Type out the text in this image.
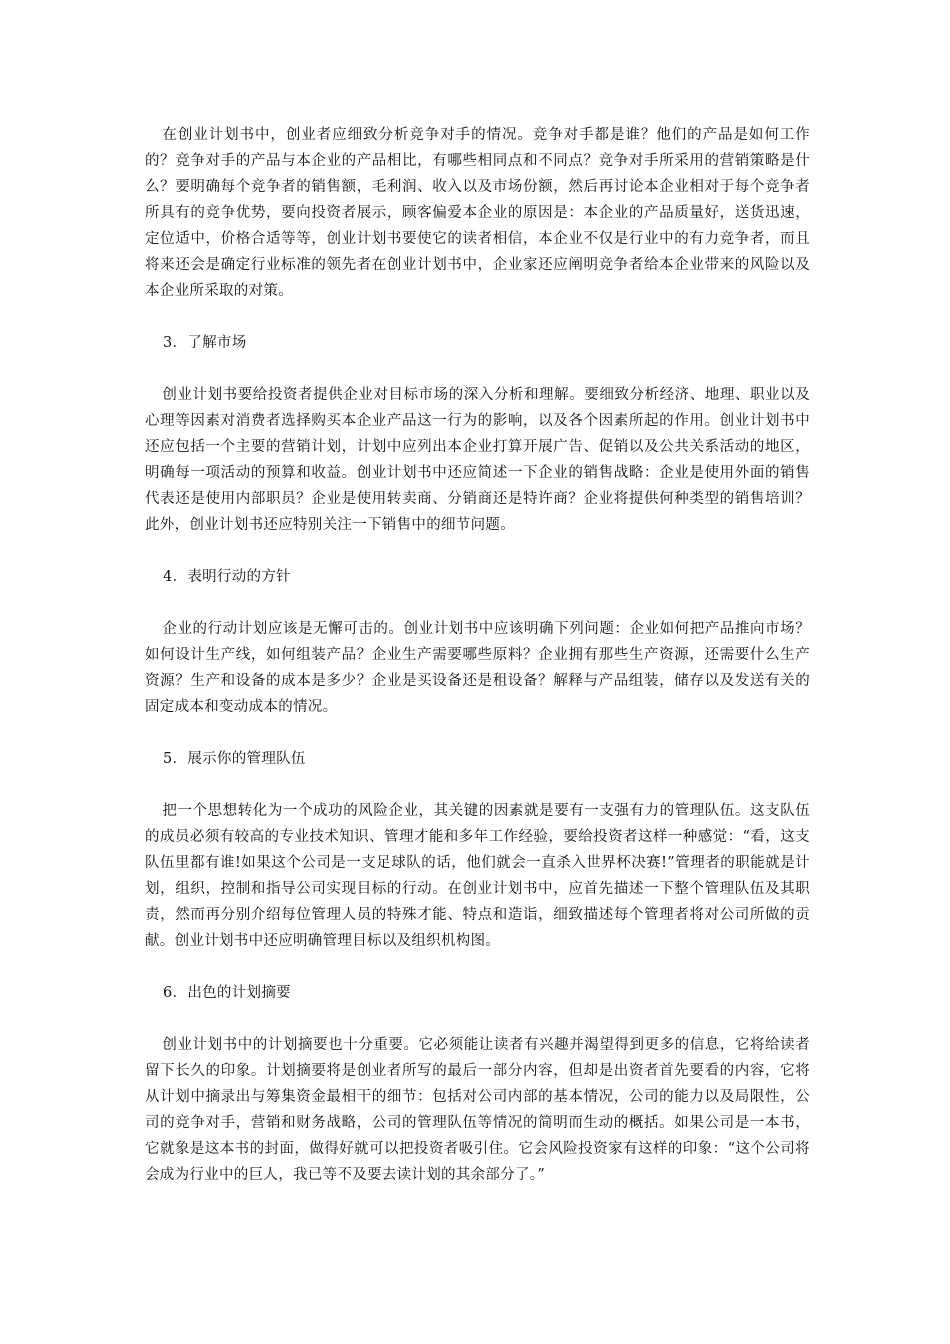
在创业计划书中，创业者应细致分析竞争对手的情况。竞争对手都是谁？他们的产品是如何工作的？竞争对手的产品与本企业的产品相比，有哪些相同点和不同点？竞争对手所采用的营销策略是什么？要明确每个竞争者的销售额，毛利润、收入以及市场份额，然后再讨论本企业相对于每个竞争者所具有的竞争优势，要向投资者展示，顾客偏爱本企业的原因是：本企业的产品质量好，送货迅速，定位适中，价格合适等等，创业计划书要使它的读者相信，本企业不仅是行业中的有力竞争者，而且将来还会是确定行业标准的领先者在创业计划书中，企业家还应阐明竞争者给本企业带来的风险以及本企业所采取的对策。

3．了解市场

创业计划书要给投资者提供企业对目标市场的深入分析和理解。要细致分析经济、地理、职业以及心理等因素对消费者选择购买本企业产品这一行为的影响，以及各个因素所起的作用。创业计划书中还应包括一个主要的营销计划，计划中应列出本企业打算开展广告、促销以及公共关系活动的地区，明确每一项活动的预算和收益。创业计划书中还应简述一下企业的销售战略：企业是使用外面的销售代表还是使用内部职员？企业是使用转卖商、分销商还是特许商？企业将提供何种类型的销售培训？此外，创业计划书还应特别关注一下销售中的细节问题。

4．表明行动的方针

企业的行动计划应该是无懈可击的。创业计划书中应该明确下列问题：企业如何把产品推向市场？如何设计生产线，如何组装产品？企业生产需要哪些原料？企业拥有那些生产资源，还需要什么生产资源？生产和设备的成本是多少？企业是买设备还是租设备？解释与产品组装，储存以及发送有关的固定成本和变动成本的情况。

5．展示你的管理队伍

把一个思想转化为一个成功的风险企业，其关键的因素就是要有一支强有力的管理队伍。这支队伍的成员必须有较高的专业技术知识、管理才能和多年工作经验，要给投资者这样一种感觉：“看，这支队伍里都有谁!如果这个公司是一支足球队的话，他们就会一直杀入世界杯决赛!”管理者的职能就是计划，组织，控制和指导公司实现目标的行动。在创业计划书中，应首先描述一下整个管理队伍及其职责，然而再分别介绍每位管理人员的特殊才能、特点和造诣，细致描述每个管理者将对公司所做的贡献。创业计划书中还应明确管理目标以及组织机构图。

6．出色的计划摘要

创业计划书中的计划摘要也十分重要。它必须能让读者有兴趣并渴望得到更多的信息，它将给读者留下长久的印象。计划摘要将是创业者所写的最后一部分内容，但却是出资者首先要看的内容，它将从计划中摘录出与筹集资金最相干的细节：包括对公司内部的基本情况，公司的能力以及局限性，公司的竞争对手，营销和财务战略，公司的管理队伍等情况的简明而生动的概括。如果公司是一本书，它就象是这本书的封面，做得好就可以把投资者吸引住。它会风险投资家有这样的印象：“这个公司将会成为行业中的巨人，我已等不及要去读计划的其余部分了。”
